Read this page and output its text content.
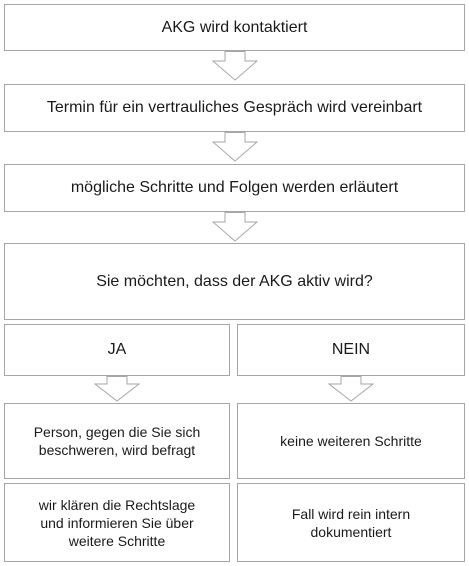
AKG wird kontaktiert
Termin für ein vertrauliches Gespräch wird vereinbart
mögliche Schritte und Folgen werden erläutert
Sie möchten, dass der AKG aktiv wird?
JA	NEIN
Person, gegen die Sie sich
beschweren, wird befragt
keine weiteren Schritte
wir klären die Rechtslage
und informieren Sie über
weitere Schritte
Fall wird rein intern
dokumentiert
